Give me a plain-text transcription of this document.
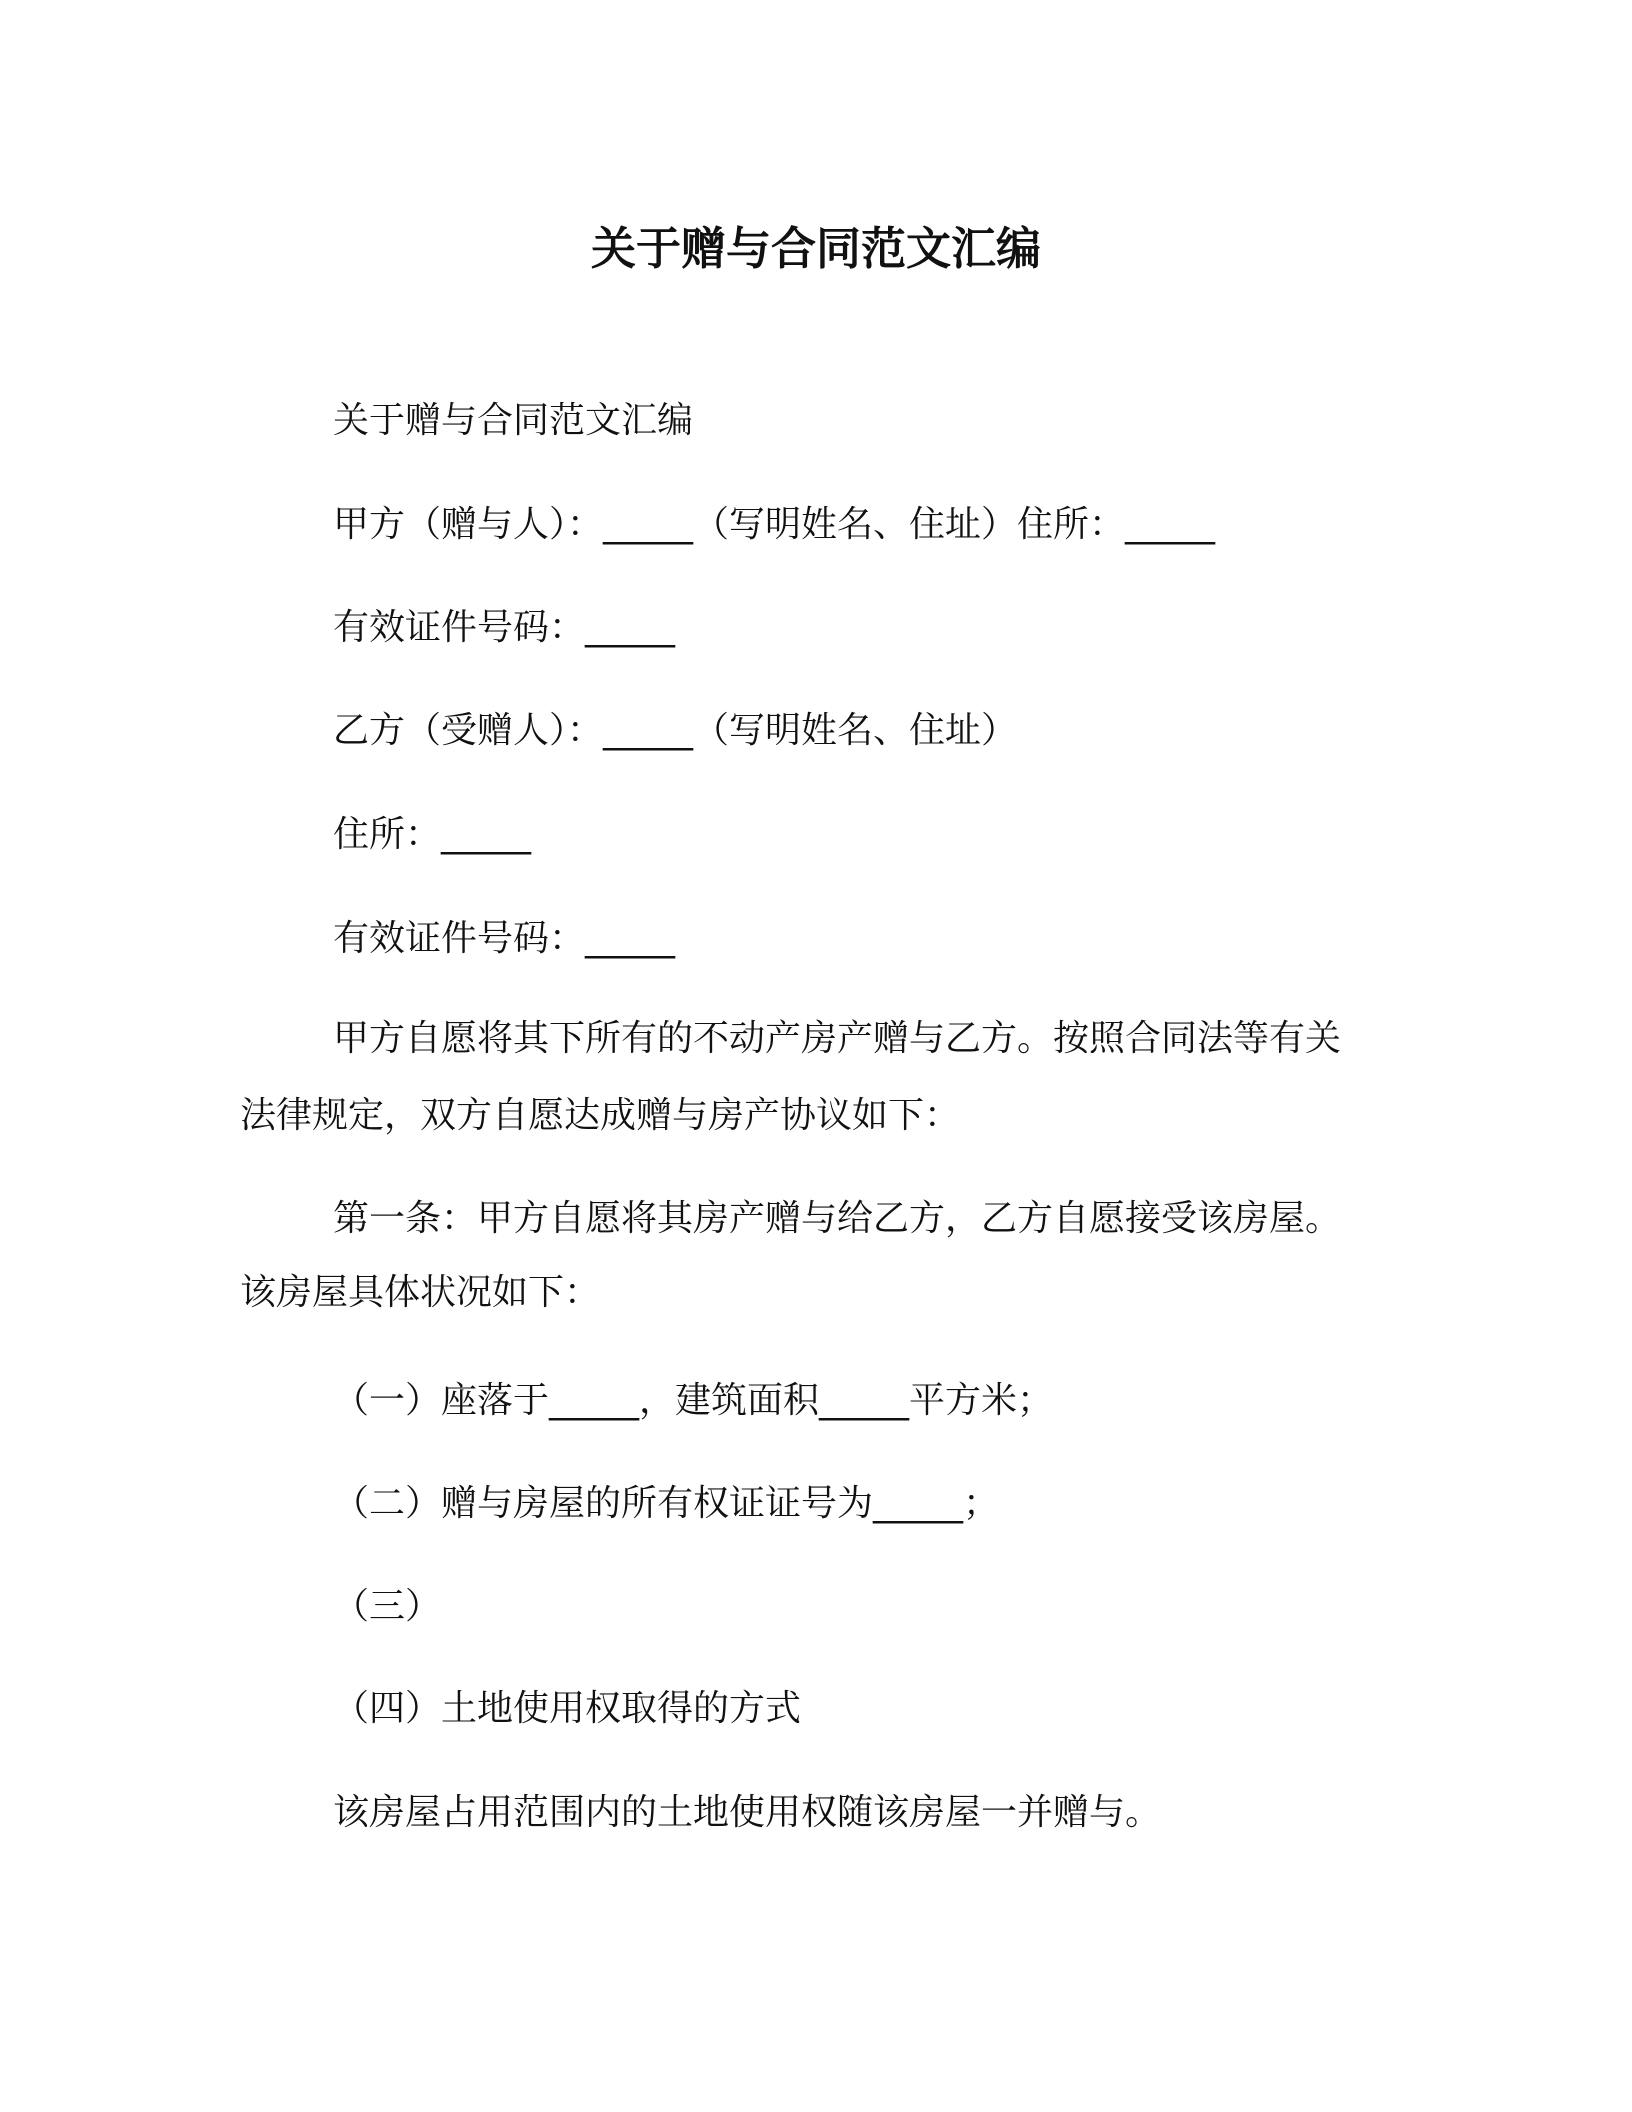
关于赠与合同范文汇编
关于赠与合同范文汇编
甲方（赠与人）：_____（写明姓名、住址）住所：_____
有效证件号码：_____
乙方（受赠人）：_____（写明姓名、住址）
住所：_____
有效证件号码：_____
甲方自愿将其下所有的不动产房产赠与乙方。按照合同法等有关
法律规定，双方自愿达成赠与房产协议如下：
第一条：甲方自愿将其房产赠与给乙方，乙方自愿接受该房屋。
该房屋具体状况如下：
（一）座落于_____，建筑面积_____平方米；
（二）赠与房屋的所有权证证号为_____；
（三）
（四）土地使用权取得的方式
该房屋占用范围内的土地使用权随该房屋一并赠与。
